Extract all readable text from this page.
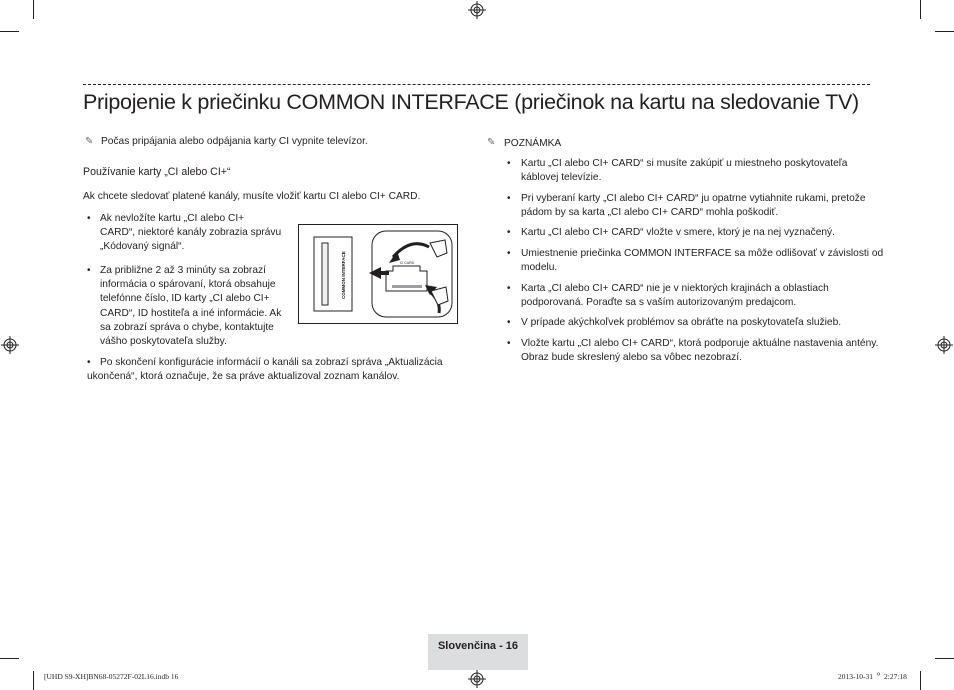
Pripojenie k priečinku COMMON INTERFACE (priečinok na kartu na sledovanie TV)
✎ Počas pripájania alebo odpájania karty CI vypnite televízor.
Používanie karty „CI alebo CI+“
Ak chcete sledovať platené kanály, musíte vložiť kartu CI alebo CI+ CARD.
• Ak nevložíte kartu „CI alebo CI+
CARD“, niektoré kanály zobrazia správu
„Kódovaný signál“.
• Za približne 2 až 3 minúty sa zobrazí
informácia o spárovaní, ktorá obsahuje
telefónne číslo, ID karty „CI alebo CI+
CARD“, ID hostiteľa a iné informácie. Ak
sa zobrazí správa o chybe, kontaktujte
vášho poskytovateľa služby.
• Po skončení konfigurácie informácií o kanáli sa zobrazí správa „Aktualizácia
ukončená“, ktorá označuje, že sa práve aktualizoval zoznam kanálov.
COMMON INTERFACE	CI CARD
✎ POZNÁMKA
• Kartu „CI alebo CI+ CARD“ si musíte zakúpiť u miestneho poskytovateľa
káblovej televízie.
• Pri vyberaní karty „CI alebo CI+ CARD“ ju opatrne vytiahnite rukami, pretože
pádom by sa karta „CI alebo CI+ CARD“ mohla poškodiť.
• Kartu „CI alebo CI+ CARD“ vložte v smere, ktorý je na nej vyznačený.
• Umiestnenie priečinka COMMON INTERFACE sa môže odlišovať v závislosti od
modelu.
• Karta „CI alebo CI+ CARD“ nie je v niektorých krajinách a oblastiach
podporovaná. Poraďte sa s vaším autorizovaným predajcom.
• V prípade akýchkoľvek problémov sa obráťte na poskytovateľa služieb.
• Vložte kartu „CI alebo CI+ CARD“, ktorá podporuje aktuálne nastavenia antény.
Obraz bude skreslený alebo sa vôbec nezobrazí.
Slovenčina - 16
[UHD S9-XH]BN68-05272F-02L16.indb 16	2013-10-31 ᄋ 2:27:18
